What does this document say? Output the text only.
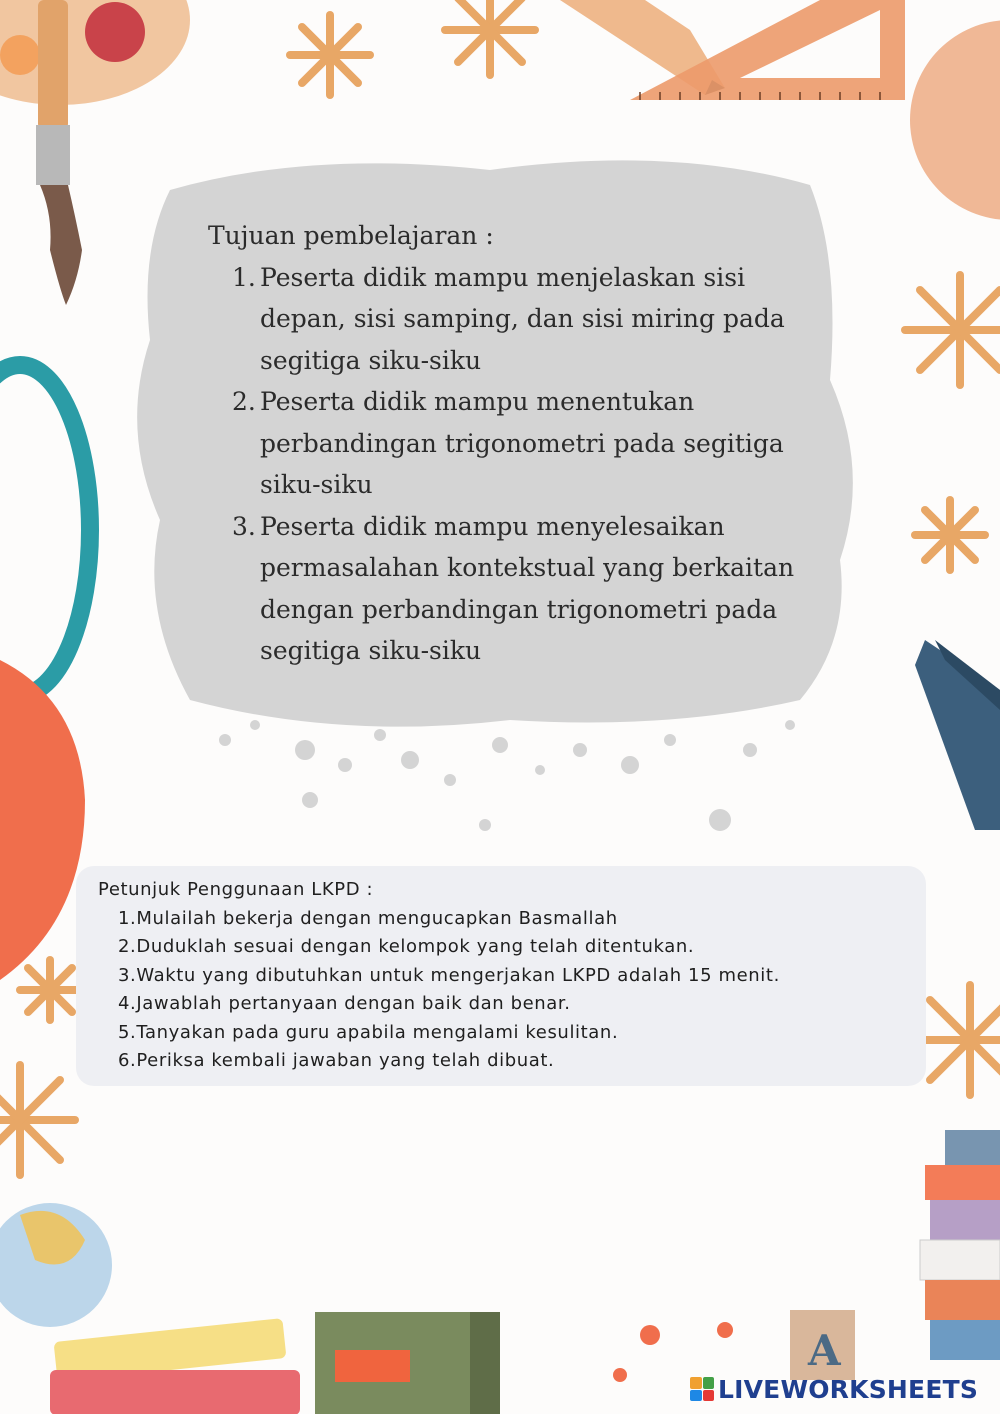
A
Tujuan pembelajaran :
1. Peserta didik mampu menjelaskan sisi depan, sisi samping, dan sisi miring pada segitiga siku-siku
2. Peserta didik mampu menentukan perbandingan trigonometri pada segitiga siku-siku
3. Peserta didik mampu menyelesaikan permasalahan kontekstual yang berkaitan dengan perbandingan trigonometri pada segitiga siku-siku
Petunjuk Penggunaan LKPD :
1.Mulailah bekerja dengan mengucapkan Basmallah
2.Duduklah sesuai dengan kelompok yang telah ditentukan.
3.Waktu yang dibutuhkan untuk mengerjakan LKPD adalah 15 menit.
4.Jawablah pertanyaan dengan baik dan benar.
5.Tanyakan pada guru apabila mengalami kesulitan.
6.Periksa kembali jawaban yang telah dibuat.
LIVEWORKSHEETS
